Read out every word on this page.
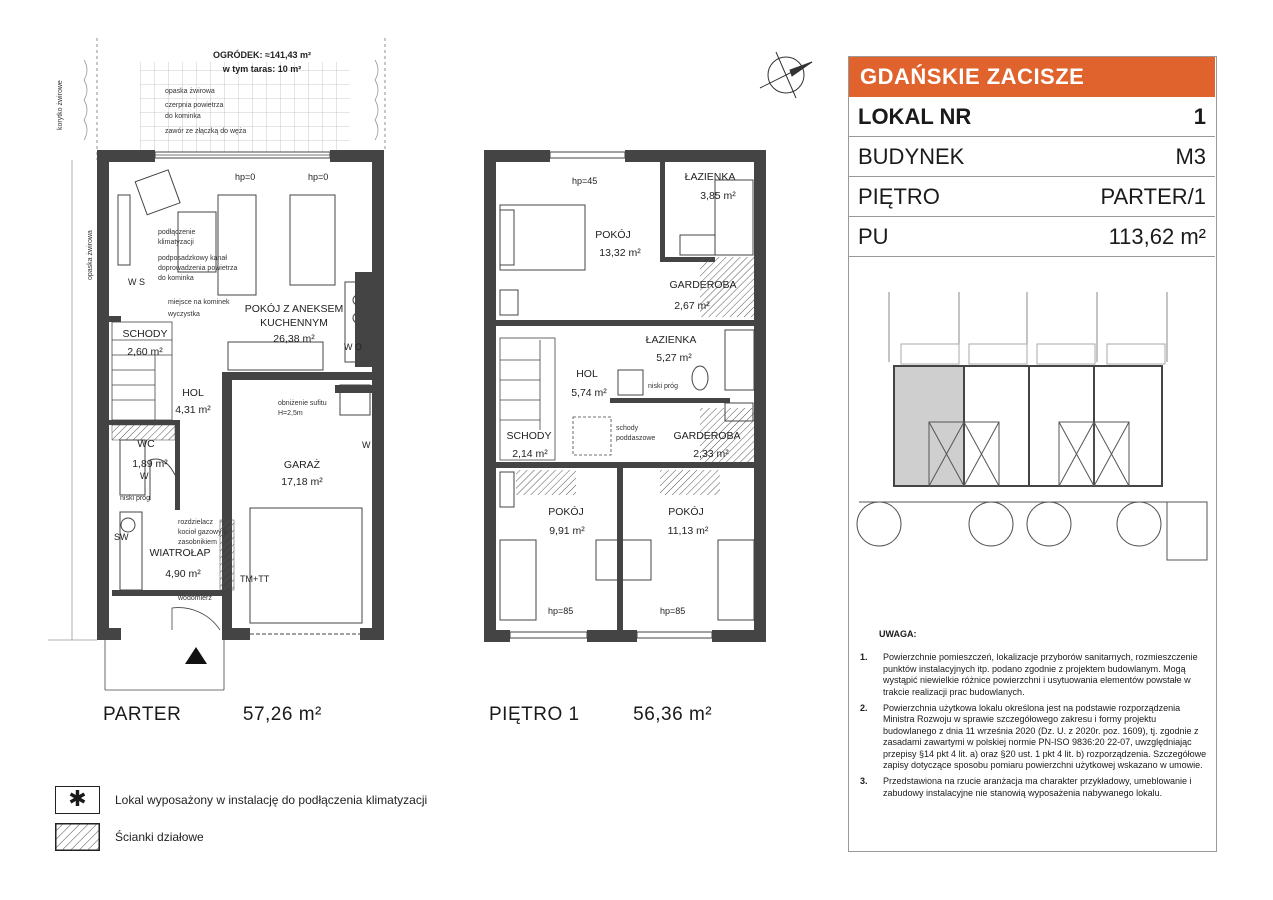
GDAŃSKIE ZACISZE
LOKAL NR	1
BUDYNEK	M3
PIĘTRO	PARTER/1
PU	113,62 m²
UWAGA:
1. Powierzchnie pomieszczeń, lokalizacje przyborów sanitarnych, rozmieszczenie punktów instalacyjnych itp. podano zgodnie z projektem budowlanym. Mogą wystąpić niewielkie różnice powierzchni i usytuowania elementów powstałe w trakcie realizacji prac budowlanych.
2. Powierzchnia użytkowa lokalu określona jest na podstawie rozporządzenia Ministra Rozwoju w sprawie szczegółowego zakresu i formy projektu budowlanego z dnia 11 września 2020 (Dz. U. z 2020r. poz. 1609), tj. zgodnie z zasadami zawartymi w polskiej normie PN-ISO 9836:20 22-07, uwzględniając przepisy §14 pkt 4 lit. a) oraz §20 ust. 1 pkt 4 lit. b) rozporządzenia. Szczegółowe zapisy dotyczące sposobu pomiaru powierzchni użytkowej wskazano w umowie.
3. Przedstawiona na rzucie aranżacja ma charakter przykładowy, umeblowanie i zabudowy instalacyjne nie stanowią wyposażenia nabywanego lokalu.
OGRÓDEK: ≈141,43 m²
w tym taras: 10 m²
korytko żwirowe
opaska żwirowa
POKÓJ Z ANEKSEM
KUCHENNYM
26,38 m²
SCHODY
2,60 m²
HOL
4,31 m²
WC
1,89 m²	GARAŻ
17,18 m²
WIATROŁAP
4,90 m²
opaska żwirowa
czerpnia powietrza
do kominka
zawór ze złączką do węża
podłączenie
klimatyzacji
podposadzkowy kanał
doprowadzenia powietrza
do kominka
miejsce na kominek
wyczystka
obniżenie sufitu
H=2,5m
rozdzielacz
kocioł gazowy z
zasobnikiem
wodomierz
niski próg
hp=0	hp=0
W S
W O
W
W
TM+TT
SW
POKÓJ
13,32 m²
ŁAZIENKA
3,85 m²
GARDEROBA
2,67 m²
ŁAZIENKA
5,27 m²
HOL
5,74 m²
SCHODY
2,14 m²
GARDEROBA
2,33 m²
POKÓJ
9,91 m²
POKÓJ
11,13 m²
hp=45
hp=85	hp=85
schody
poddaszowe
niski próg
PARTER	57,26 m²	PIĘTRO 1	56,36 m²
✱	Lokal wyposażony w instalację do podłączenia klimatyzacji
Ścianki działowe
